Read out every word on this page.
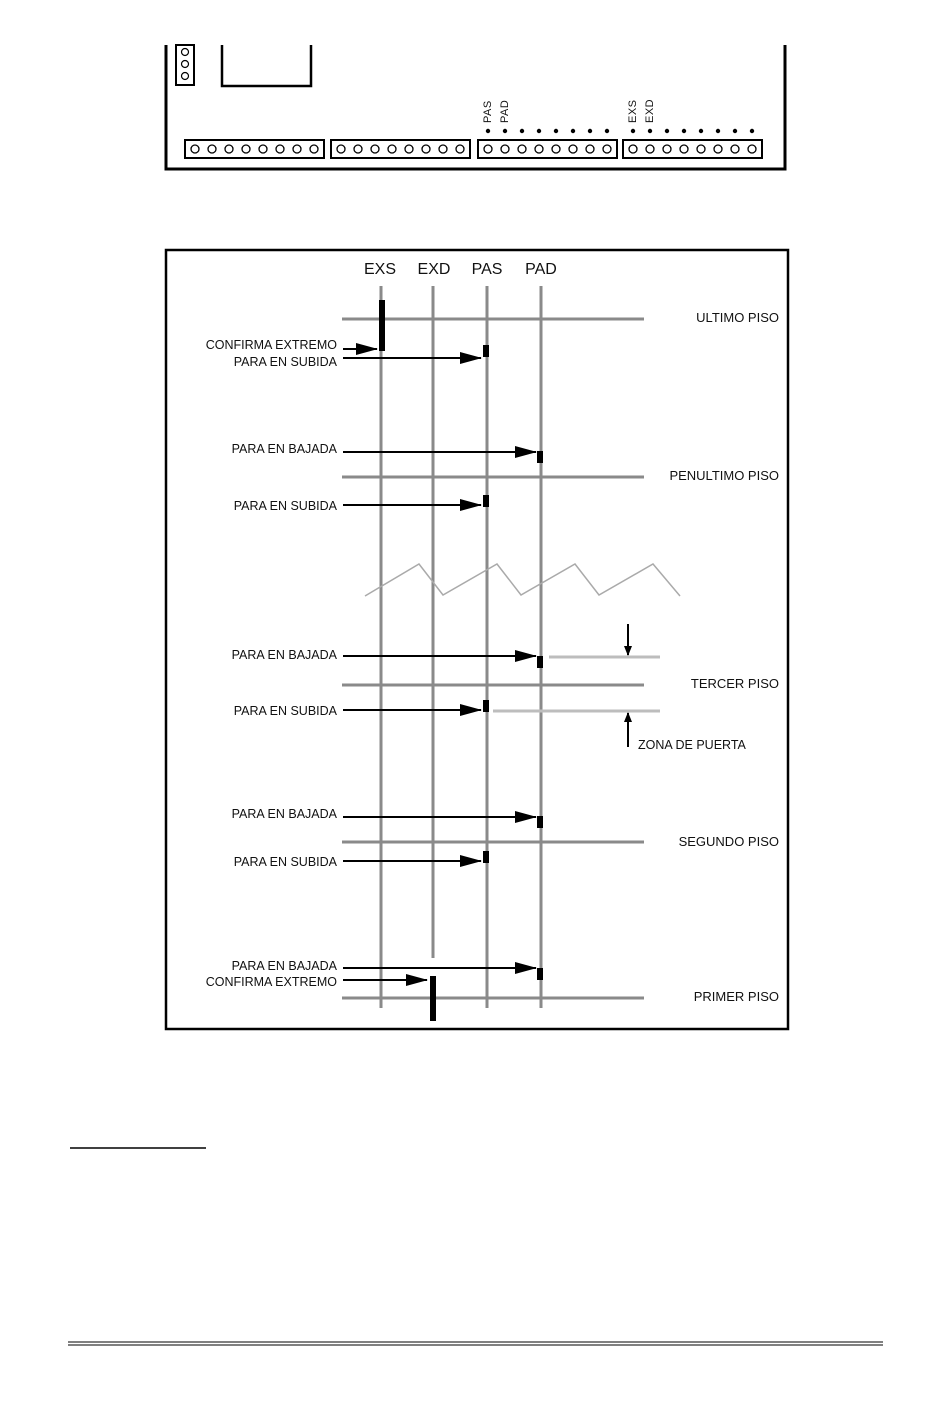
PAS PAD	EXS EXD
EXS EXD PAS PAD
ULTIMO PISO
PENULTIMO PISO
TERCER PISO
SEGUNDO PISO
PRIMER PISO
ZONA DE PUERTA
CONFIRMA EXTREMO
PARA EN SUBIDA
PARA EN BAJADA
PARA EN SUBIDA
PARA EN BAJADA
PARA EN SUBIDA
PARA EN BAJADA
PARA EN SUBIDA
PARA EN BAJADA
CONFIRMA EXTREMO
